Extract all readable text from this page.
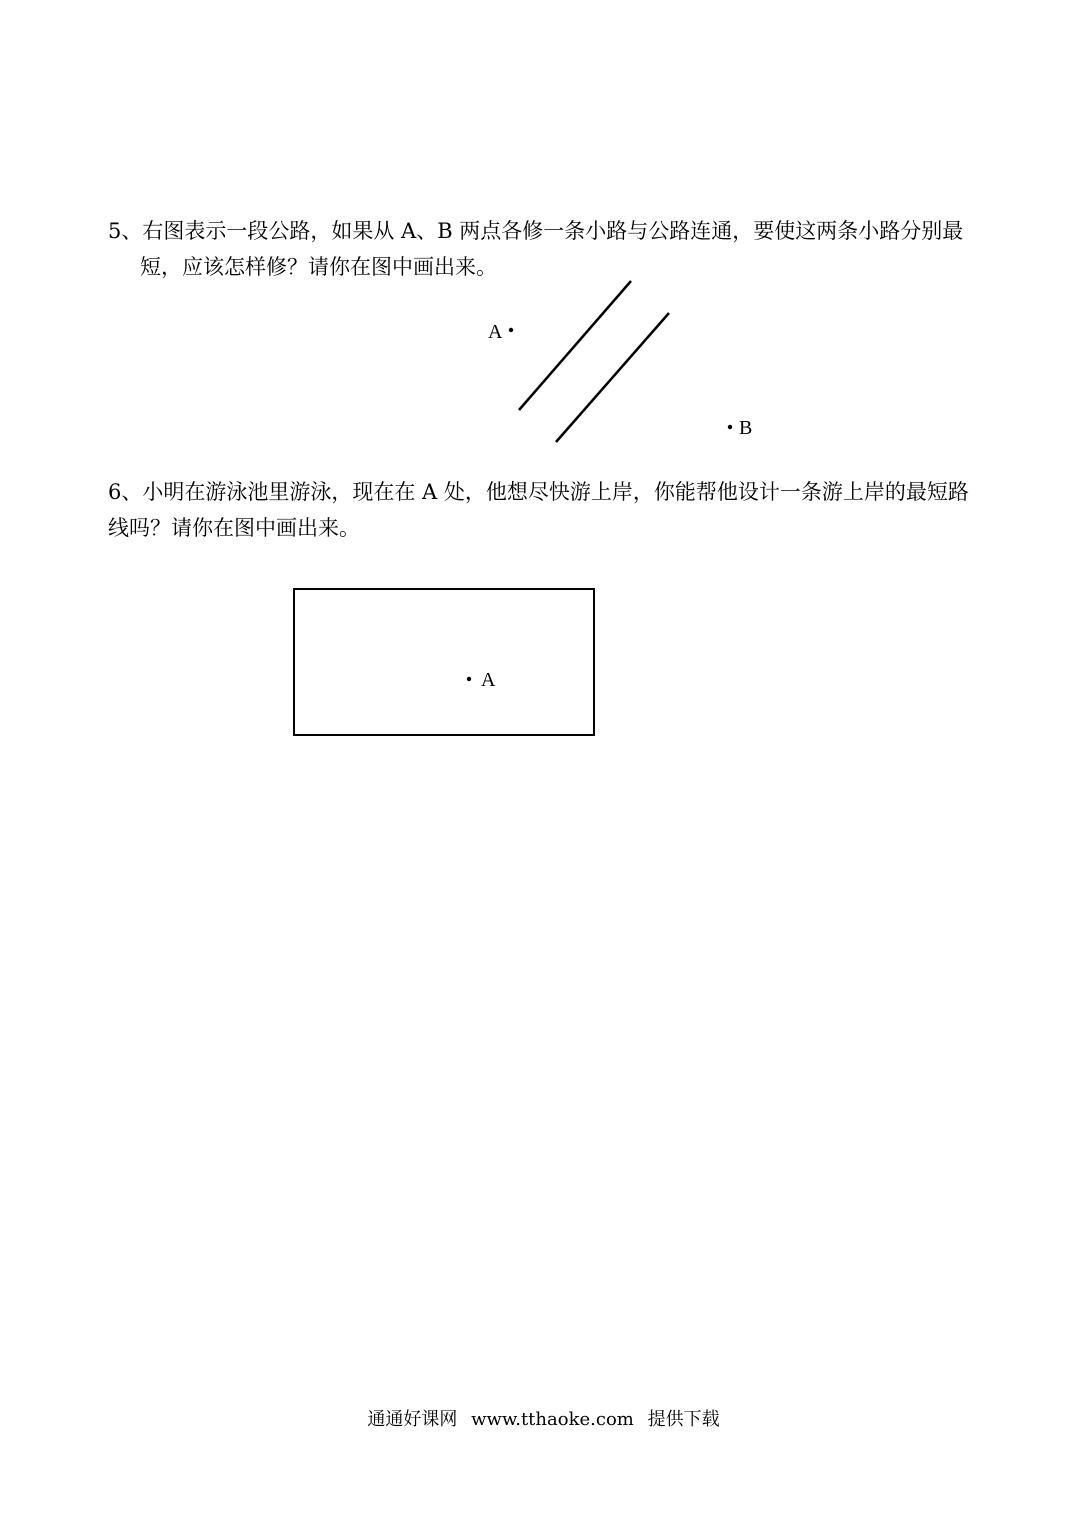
5、右图表示一段公路，如果从 A、B 两点各修一条小路与公路连通，要使这两条小路分别最
短，应该怎样修？请你在图中画出来。
A
B
6、小明在游泳池里游泳，现在在 A 处，他想尽快游上岸，你能帮他设计一条游上岸的最短路
线吗？请你在图中画出来。
A
通通好课网 www.tthaoke.com 提供下载
